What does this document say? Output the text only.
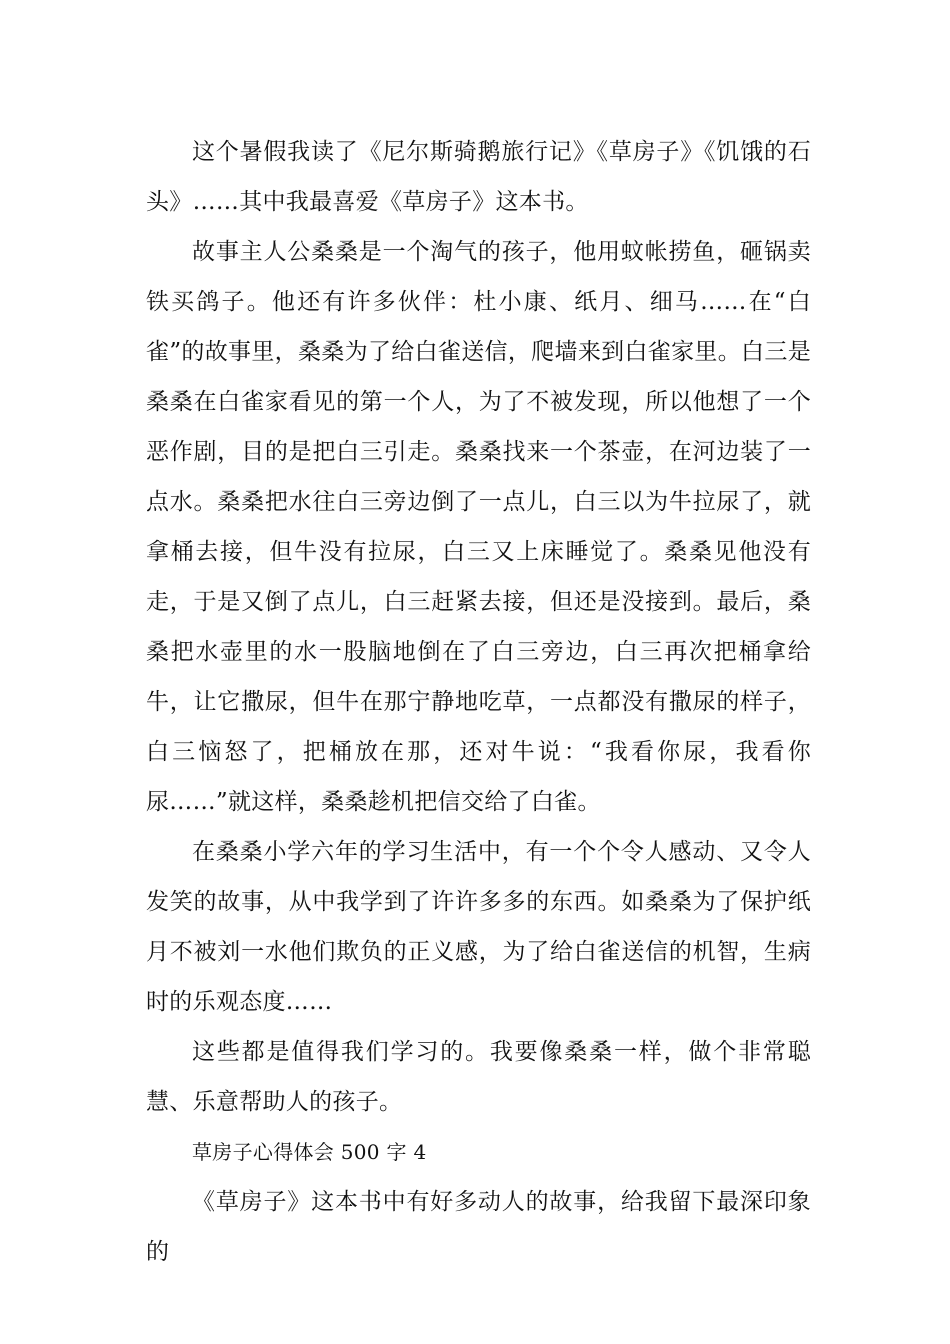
这个暑假我读了《尼尔斯骑鹅旅行记》《草房子》《饥饿的石头》……其中我最喜爱《草房子》这本书。

故事主人公桑桑是一个淘气的孩子，他用蚊帐捞鱼，砸锅卖铁买鸽子。他还有许多伙伴：杜小康、纸月、细马……在“白雀”的故事里，桑桑为了给白雀送信，爬墙来到白雀家里。白三是桑桑在白雀家看见的第一个人，为了不被发现，所以他想了一个恶作剧，目的是把白三引走。桑桑找来一个茶壶，在河边装了一点水。桑桑把水往白三旁边倒了一点儿，白三以为牛拉尿了，就拿桶去接，但牛没有拉尿，白三又上床睡觉了。桑桑见他没有走，于是又倒了点儿，白三赶紧去接，但还是没接到。最后，桑桑把水壶里的水一股脑地倒在了白三旁边，白三再次把桶拿给牛，让它撒尿，但牛在那宁静地吃草，一点都没有撒尿的样子，白三恼怒了，把桶放在那，还对牛说：“我看你尿，我看你尿……”就这样，桑桑趁机把信交给了白雀。

在桑桑小学六年的学习生活中，有一个个令人感动、又令人发笑的故事，从中我学到了许许多多的东西。如桑桑为了保护纸月不被刘一水他们欺负的正义感，为了给白雀送信的机智，生病时的乐观态度……

这些都是值得我们学习的。我要像桑桑一样，做个非常聪慧、乐意帮助人的孩子。

草房子心得体会 500 字 4

《草房子》这本书中有好多动人的故事，给我留下最深印象的
